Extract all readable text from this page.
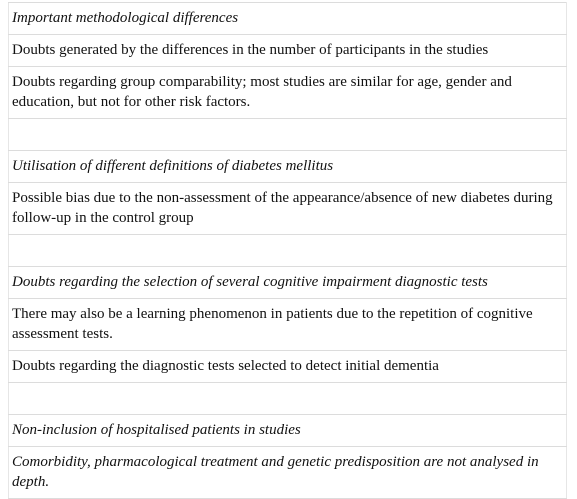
Important methodological differences
Doubts generated by the differences in the number of participants in the studies
Doubts regarding group comparability; most studies are similar for age, gender and education, but not for other risk factors.

Utilisation of different definitions of diabetes mellitus
Possible bias due to the non-assessment of the appearance/absence of new diabetes during follow-up in the control group

Doubts regarding the selection of several cognitive impairment diagnostic tests
There may also be a learning phenomenon in patients due to the repetition of cognitive assessment tests.
Doubts regarding the diagnostic tests selected to detect initial dementia

Non-inclusion of hospitalised patients in studies
Comorbidity, pharmacological treatment and genetic predisposition are not analysed in depth.
